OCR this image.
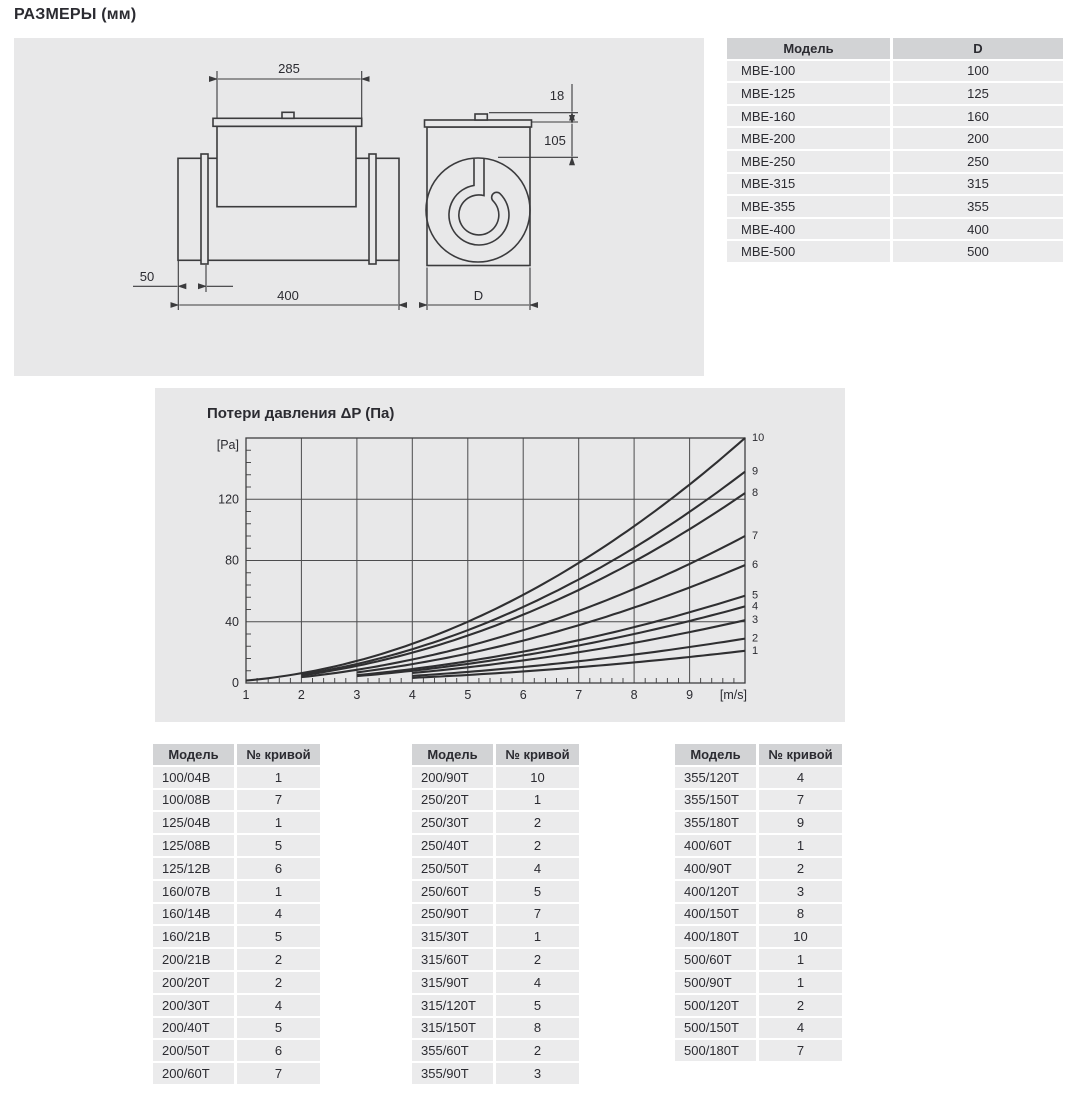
РАЗМЕРЫ (мм)
285
400
50
D
18
105
Модель	D
МВЕ-100	100
МВЕ-125	125
МВЕ-160	160
МВЕ-200	200
МВЕ-250	250
МВЕ-315	315
МВЕ-355	355
МВЕ-400	400
МВЕ-500	500
Потери давления ΔP (Па)
1
2
3
4
5
6
7
8
9
10
1	2	3	4	5	6	7	8	9 [m/s]
0
40
80
120
[Pa]
Модель	№ кривой
100/04В	1
100/08В	7
125/04В	1
125/08В	5
125/12В	6
160/07В	1
160/14В	4
160/21В	5
200/21В	2
200/20Т	2
200/30Т	4
200/40Т	5
200/50Т	6
200/60Т	7
Модель	№ кривой
200/90Т	10
250/20Т	1
250/30Т	2
250/40Т	2
250/50Т	4
250/60Т	5
250/90Т	7
315/30Т	1
315/60Т	2
315/90Т	4
315/120Т	5
315/150Т	8
355/60Т	2
355/90Т	3
Модель	№ кривой
355/120Т	4
355/150Т	7
355/180Т	9
400/60Т	1
400/90Т	2
400/120Т	3
400/150Т	8
400/180Т	10
500/60Т	1
500/90Т	1
500/120Т	2
500/150Т	4
500/180Т	7
